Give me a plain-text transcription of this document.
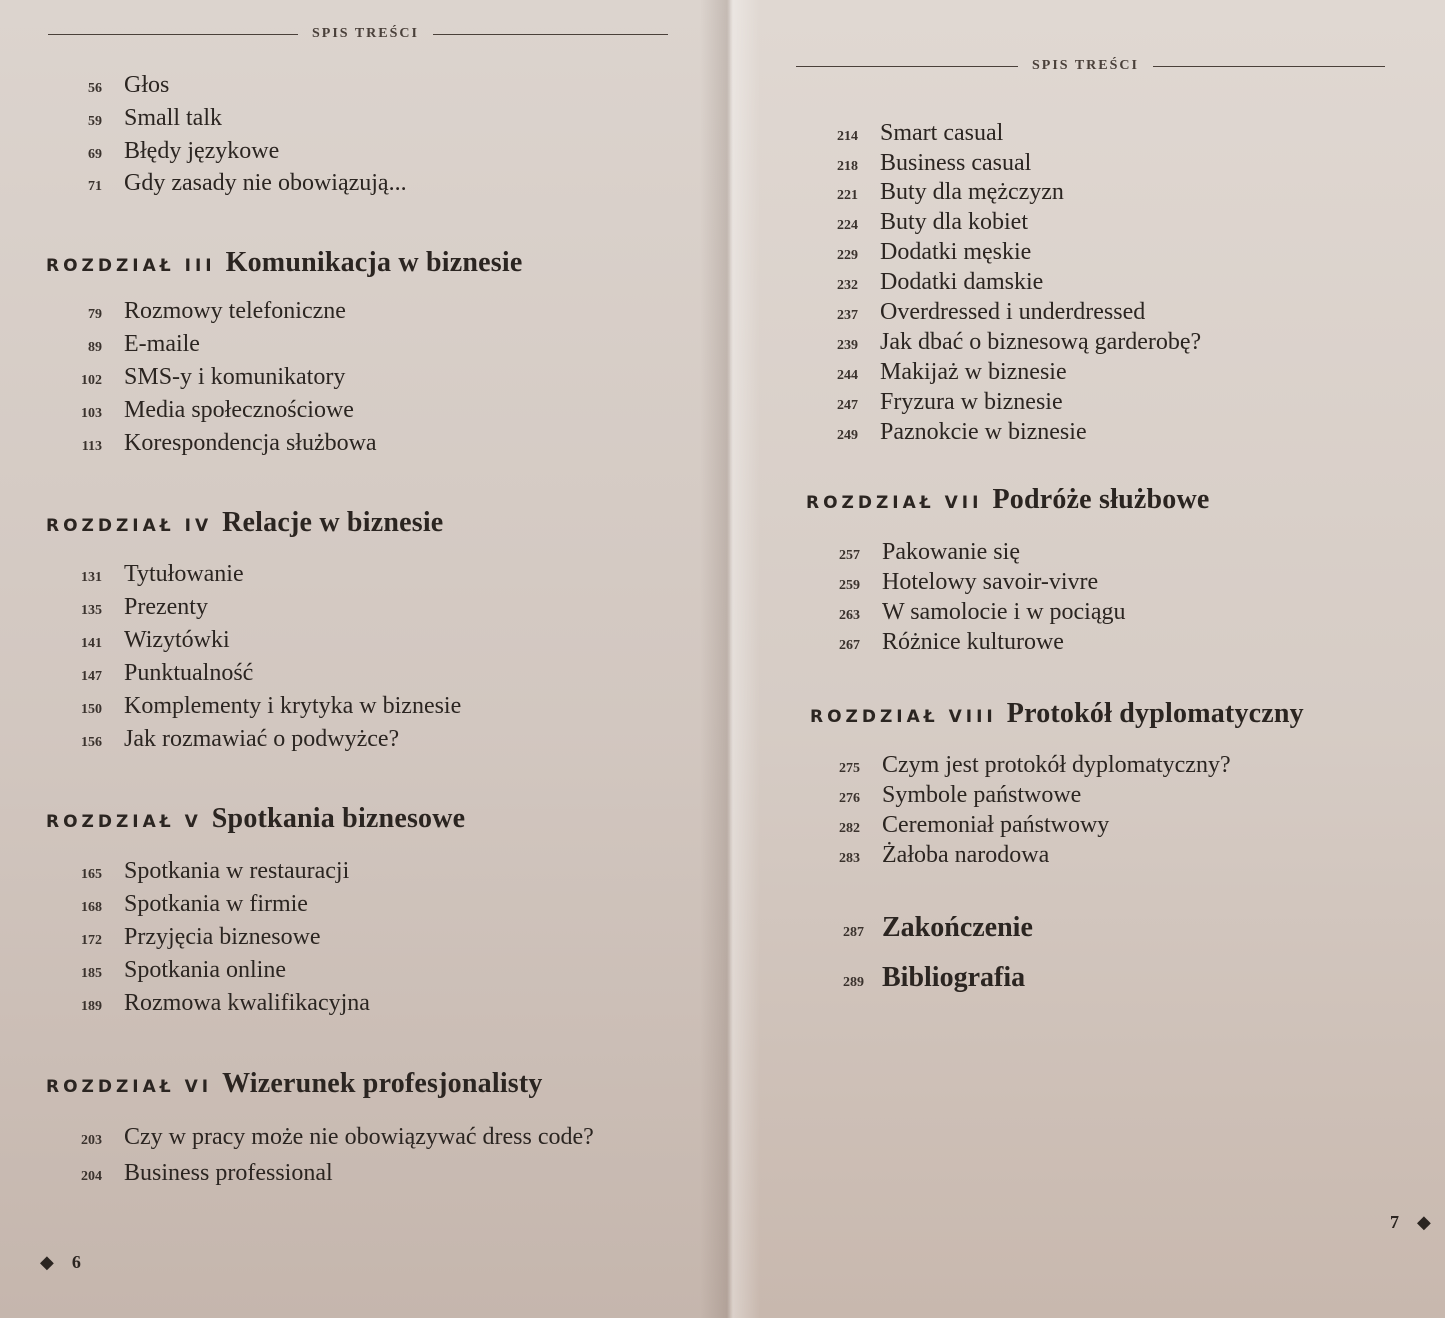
SPIS TREŚCI
56 Głos
59 Small talk
69 Błędy językowe
71 Gdy zasady nie obowiązują...
ROZDZIAŁ III Komunikacja w biznesie
79 Rozmowy telefoniczne
89 E-maile
102 SMS-y i komunikatory
103 Media społecznościowe
113 Korespondencja służbowa
ROZDZIAŁ IV Relacje w biznesie
131 Tytułowanie
135 Prezenty
141 Wizytówki
147 Punktualność
150 Komplementy i krytyka w biznesie
156 Jak rozmawiać o podwyżce?
ROZDZIAŁ V Spotkania biznesowe
165 Spotkania w restauracji
168 Spotkania w firmie
172 Przyjęcia biznesowe
185 Spotkania online
189 Rozmowa kwalifikacyjna
ROZDZIAŁ VI Wizerunek profesjonalisty
203 Czy w pracy może nie obowiązywać dress code?
204 Business professional
◆ 6
SPIS TREŚCI
214 Smart casual
218 Business casual
221 Buty dla mężczyzn
224 Buty dla kobiet
229 Dodatki męskie
232 Dodatki damskie
237 Overdressed i underdressed
239 Jak dbać o biznesową garderobę?
244 Makijaż w biznesie
247 Fryzura w biznesie
249 Paznokcie w biznesie
ROZDZIAŁ VII Podróże służbowe
257 Pakowanie się
259 Hotelowy savoir-vivre
263 W samolocie i w pociągu
267 Różnice kulturowe
ROZDZIAŁ VIII Protokół dyplomatyczny
275 Czym jest protokół dyplomatyczny?
276 Symbole państwowe
282 Ceremoniał państwowy
283 Żałoba narodowa
287 Zakończenie
289 Bibliografia
7 ◆
